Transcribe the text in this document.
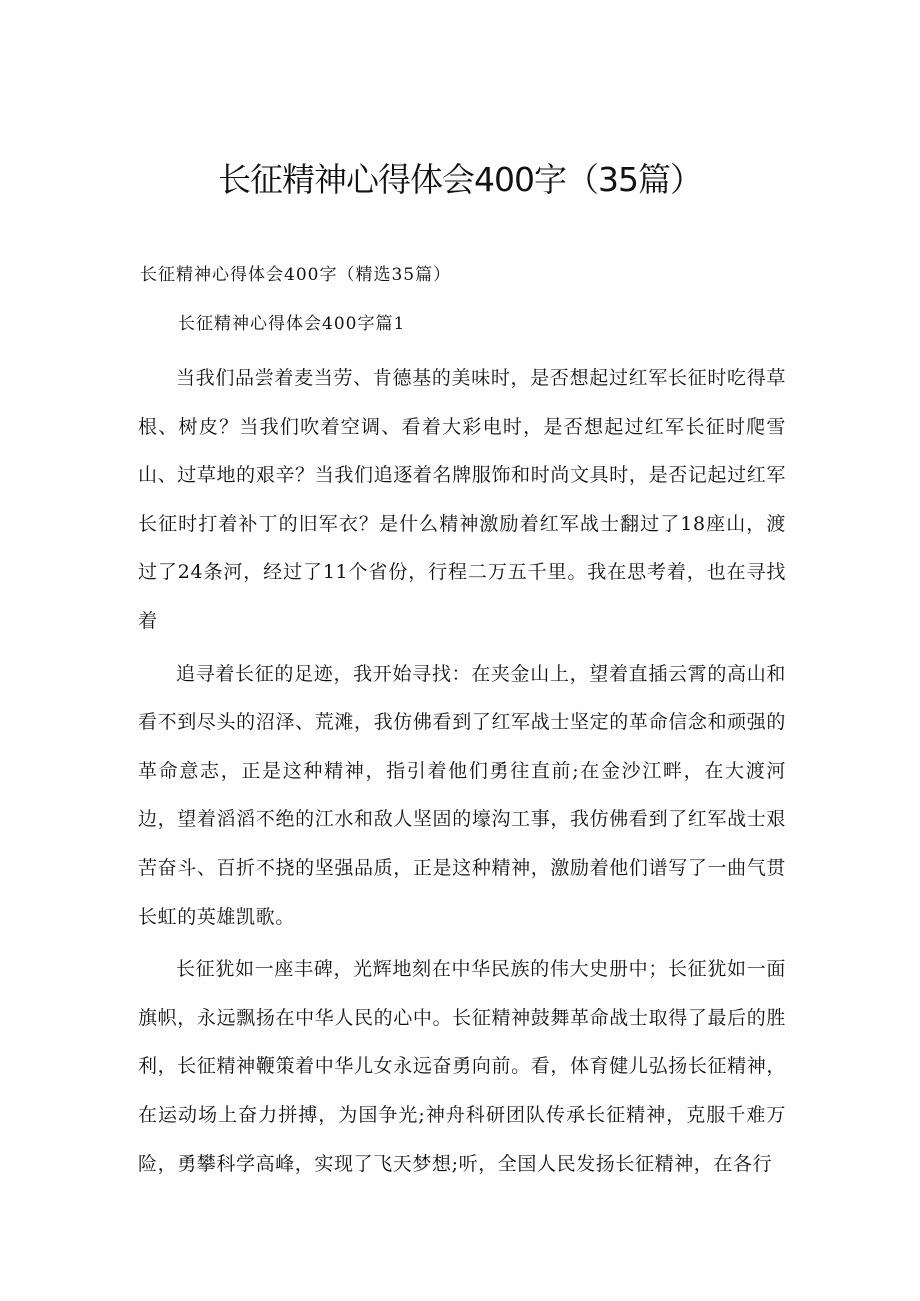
长征精神心得体会400字（35篇）

长征精神心得体会400字（精选35篇）

长征精神心得体会400字篇1

当我们品尝着麦当劳、肯德基的美味时，是否想起过红军长征时吃得草根、树皮？当我们吹着空调、看着大彩电时，是否想起过红军长征时爬雪山、过草地的艰辛？当我们追逐着名牌服饰和时尚文具时，是否记起过红军长征时打着补丁的旧军衣？是什么精神激励着红军战士翻过了18座山，渡过了24条河，经过了11个省份，行程二万五千里。我在思考着，也在寻找着

追寻着长征的足迹，我开始寻找：在夹金山上，望着直插云霄的高山和看不到尽头的沼泽、荒滩，我仿佛看到了红军战士坚定的革命信念和顽强的革命意志，正是这种精神，指引着他们勇往直前;在金沙江畔，在大渡河边，望着滔滔不绝的江水和敌人坚固的壕沟工事，我仿佛看到了红军战士艰苦奋斗、百折不挠的坚强品质，正是这种精神，激励着他们谱写了一曲气贯长虹的英雄凯歌。

长征犹如一座丰碑，光辉地刻在中华民族的伟大史册中；长征犹如一面旗帜，永远飘扬在中华人民的心中。长征精神鼓舞革命战士取得了最后的胜利，长征精神鞭策着中华儿女永远奋勇向前。看，体育健儿弘扬长征精神，在运动场上奋力拼搏，为国争光;神舟科研团队传承长征精神，克服千难万险，勇攀科学高峰，实现了飞天梦想;听，全国人民发扬长征精神，在各行
